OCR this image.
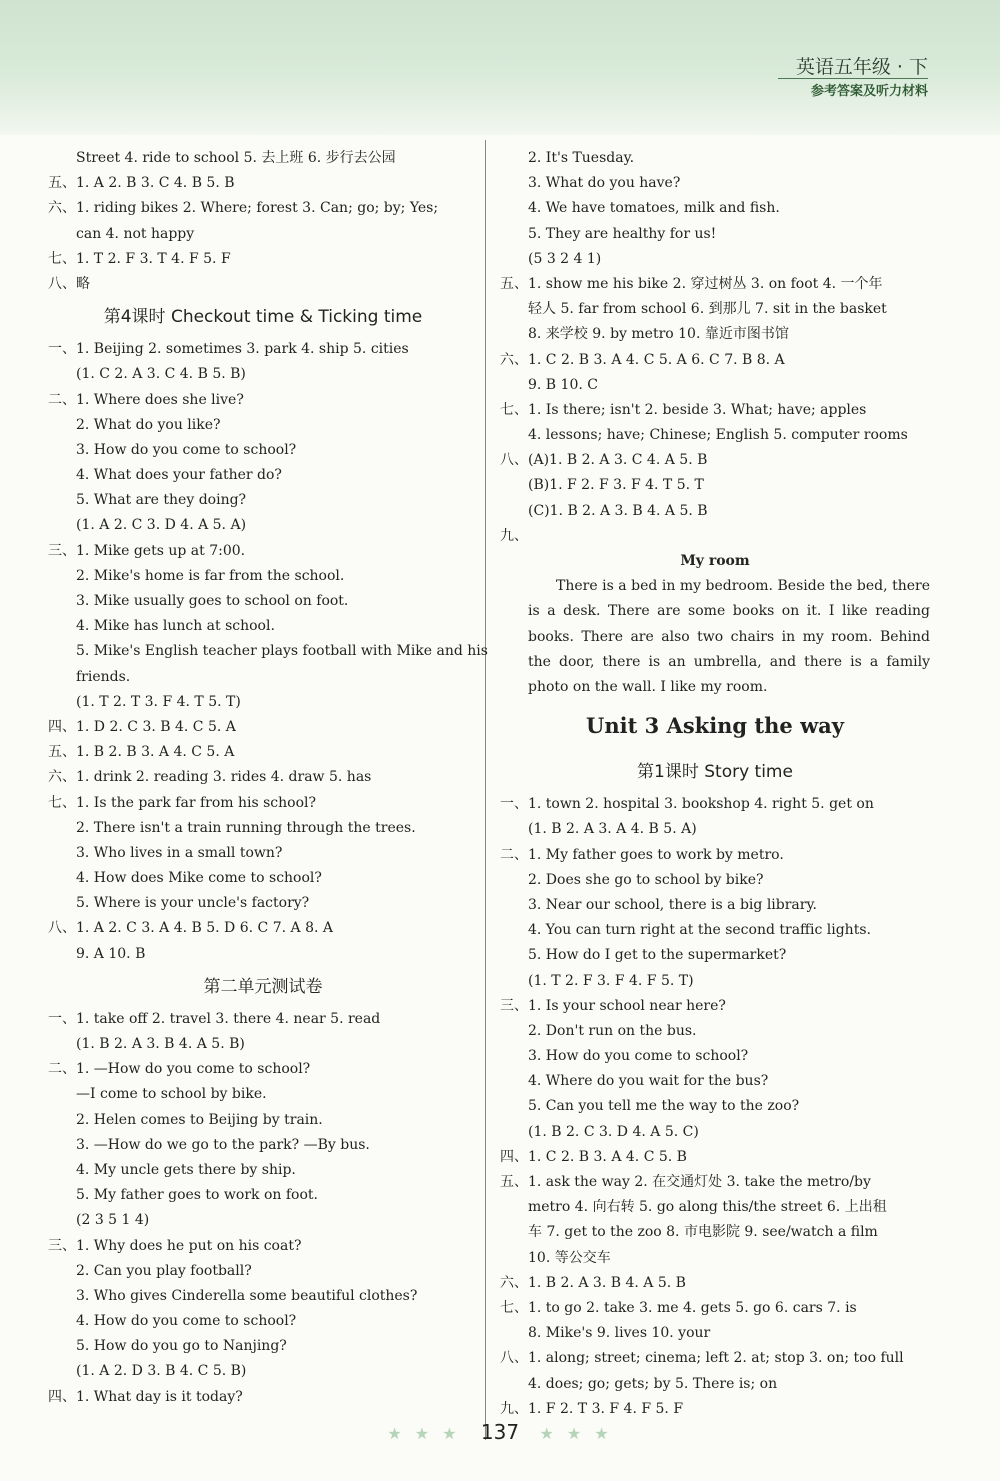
英语五年级 · 下
参考答案及听力材料
Street 4. ride to school 5. 去上班 6. 步行去公园
五、1. A 2. B 3. C 4. B 5. B
六、1. riding bikes 2. Where; forest 3. Can; go; by; Yes;
can 4. not happy
七、1. T 2. F 3. T 4. F 5. F
八、略
第4课时 Checkout time & Ticking time
一、1. Beijing 2. sometimes 3. park 4. ship 5. cities
(1. C 2. A 3. C 4. B 5. B)
二、1. Where does she live?
2. What do you like?
3. How do you come to school?
4. What does your father do?
5. What are they doing?
(1. A 2. C 3. D 4. A 5. A)
三、1. Mike gets up at 7:00.
2. Mike's home is far from the school.
3. Mike usually goes to school on foot.
4. Mike has lunch at school.
5. Mike's English teacher plays football with Mike and his
friends.
(1. T 2. T 3. F 4. T 5. T)
四、1. D 2. C 3. B 4. C 5. A
五、1. B 2. B 3. A 4. C 5. A
六、1. drink 2. reading 3. rides 4. draw 5. has
七、1. Is the park far from his school?
2. There isn't a train running through the trees.
3. Who lives in a small town?
4. How does Mike come to school?
5. Where is your uncle's factory?
八、1. A 2. C 3. A 4. B 5. D 6. C 7. A 8. A
9. A 10. B
第二单元测试卷
一、1. take off 2. travel 3. there 4. near 5. read
(1. B 2. A 3. B 4. A 5. B)
二、1. —How do you come to school?
—I come to school by bike.
2. Helen comes to Beijing by train.
3. —How do we go to the park? —By bus.
4. My uncle gets there by ship.
5. My father goes to work on foot.
(2 3 5 1 4)
三、1. Why does he put on his coat?
2. Can you play football?
3. Who gives Cinderella some beautiful clothes?
4. How do you come to school?
5. How do you go to Nanjing?
(1. A 2. D 3. B 4. C 5. B)
四、1. What day is it today?
2. It's Tuesday.
3. What do you have?
4. We have tomatoes, milk and fish.
5. They are healthy for us!
(5 3 2 4 1)
五、1. show me his bike 2. 穿过树丛 3. on foot 4. 一个年
轻人 5. far from school 6. 到那儿 7. sit in the basket
8. 来学校 9. by metro 10. 靠近市图书馆
六、1. C 2. B 3. A 4. C 5. A 6. C 7. B 8. A
9. B 10. C
七、1. Is there; isn't 2. beside 3. What; have; apples
4. lessons; have; Chinese; English 5. computer rooms
八、(A)1. B 2. A 3. C 4. A 5. B
(B)1. F 2. F 3. F 4. T 5. T
(C)1. B 2. A 3. B 4. A 5. B
九、
My room
There is a bed in my bedroom. Beside the bed, there is a desk. There are some books on it. I like reading books. There are also two chairs in my room. Behind the door, there is an umbrella, and there is a family photo on the wall. I like my room.
Unit 3 Asking the way
第1课时 Story time
一、1. town 2. hospital 3. bookshop 4. right 5. get on
(1. B 2. A 3. A 4. B 5. A)
二、1. My father goes to work by metro.
2. Does she go to school by bike?
3. Near our school, there is a big library.
4. You can turn right at the second traffic lights.
5. How do I get to the supermarket?
(1. T 2. F 3. F 4. F 5. T)
三、1. Is your school near here?
2. Don't run on the bus.
3. How do you come to school?
4. Where do you wait for the bus?
5. Can you tell me the way to the zoo?
(1. B 2. C 3. D 4. A 5. C)
四、1. C 2. B 3. A 4. C 5. B
五、1. ask the way 2. 在交通灯处 3. take the metro/by
metro 4. 向右转 5. go along this/the street 6. 上出租
车 7. get to the zoo 8. 市电影院 9. see/watch a film
10. 等公交车
六、1. B 2. A 3. B 4. A 5. B
七、1. to go 2. take 3. me 4. gets 5. go 6. cars 7. is
8. Mike's 9. lives 10. your
八、1. along; street; cinema; left 2. at; stop 3. on; too full
4. does; go; gets; by 5. There is; on
九、1. F 2. T 3. F 4. F 5. F
★ ★ ★ 137 ★ ★ ★
